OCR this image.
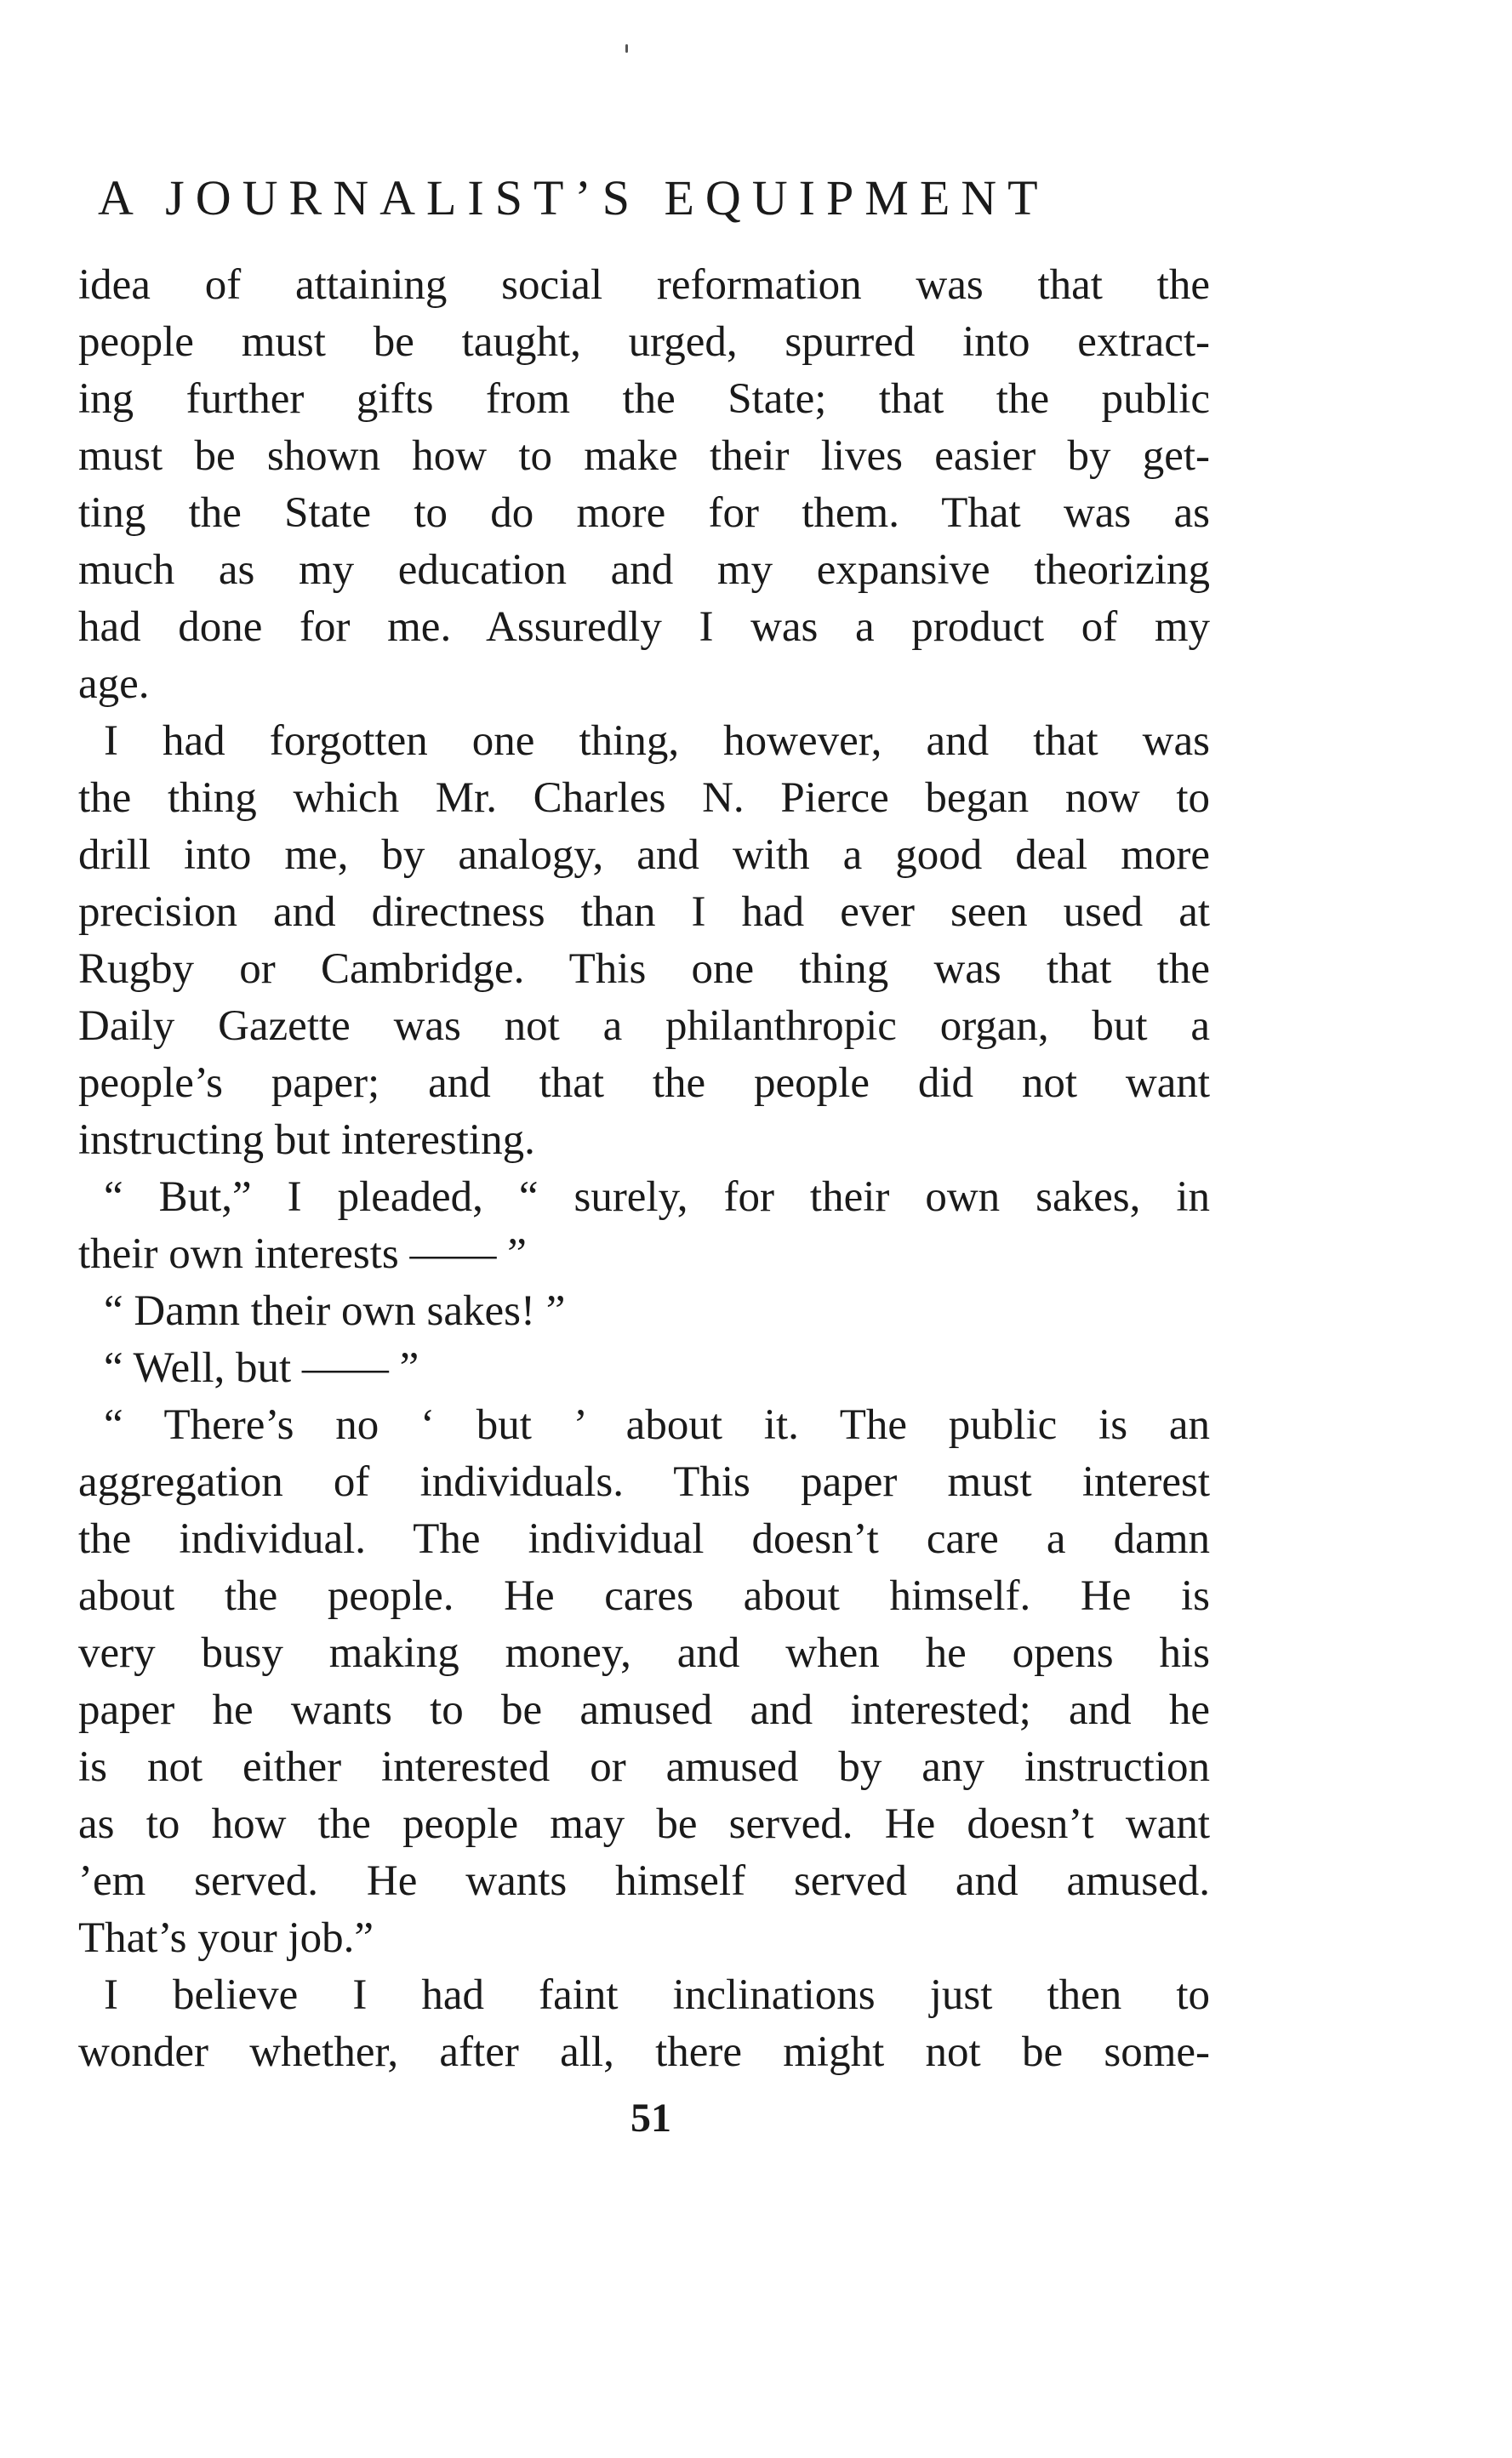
A JOURNALIST’S EQUIPMENT
idea of attaining social reformation was that the
people must be taught, urged, spurred into extract-
ing further gifts from the State; that the public
must be shown how to make their lives easier by get-
ting the State to do more for them. That was as
much as my education and my expansive theorizing
had done for me. Assuredly I was a product of my
age.
I had forgotten one thing, however, and that was
the thing which Mr. Charles N. Pierce began now to
drill into me, by analogy, and with a good deal more
precision and directness than I had ever seen used at
Rugby or Cambridge. This one thing was that the
Daily Gazette was not a philanthropic organ, but a
people’s paper; and that the people did not want
instructing but interesting.
“ But,” I pleaded, “ surely, for their own sakes, in
their own interests —— ”
“ Damn their own sakes! ”
“ Well, but —— ”
“ There’s no ‘ but ’ about it. The public is an
aggregation of individuals. This paper must interest
the individual. The individual doesn’t care a damn
about the people. He cares about himself. He is
very busy making money, and when he opens his
paper he wants to be amused and interested; and he
is not either interested or amused by any instruction
as to how the people may be served. He doesn’t want
’em served. He wants himself served and amused.
That’s your job.”
I believe I had faint inclinations just then to
wonder whether, after all, there might not be some-
51
